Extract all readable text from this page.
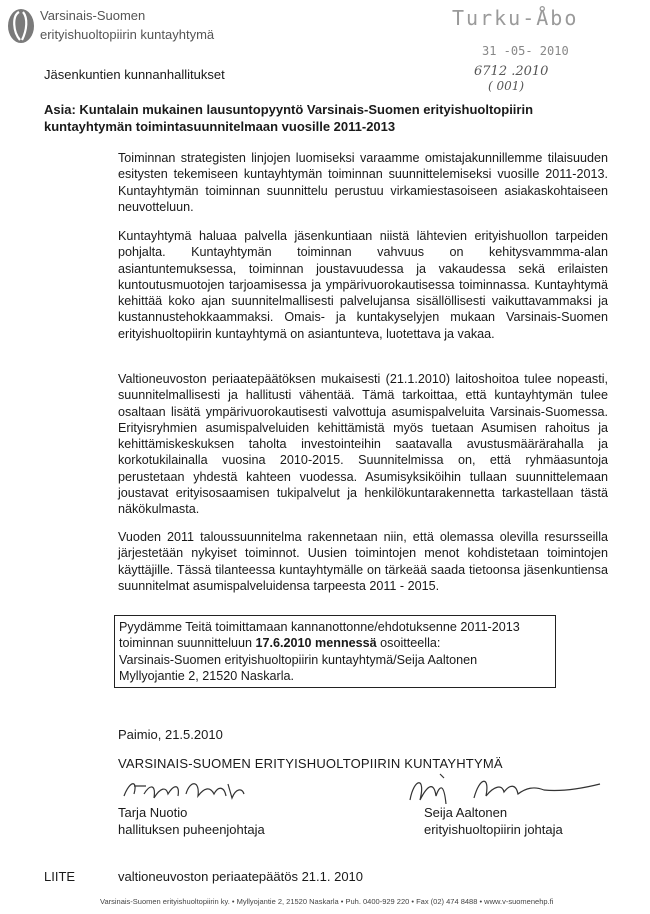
Varsinais-Suomen
erityishuoltopiirin kuntayhtymä
Turku-Åbo
31 -05- 2010
6712 .2010
( 001)
Jäsenkuntien kunnanhallitukset
Asia: Kuntalain mukainen lausuntopyyntö Varsinais-Suomen erityishuoltopiirin kuntayhtymän toimintasuunnitelmaan vuosille 2011-2013
Toiminnan strategisten linjojen luomiseksi varaamme omistajakunnillemme tilaisuuden esitysten tekemiseen kuntayhtymän toiminnan suunnittelemiseksi vuosille 2011-2013. Kuntayhtymän toiminnan suunnittelu perustuu virkamiestasoiseen asiakaskohtaiseen neuvotteluun.
Kuntayhtymä haluaa palvella jäsenkuntiaan niistä lähtevien erityishuollon tarpeiden pohjalta. Kuntayhtymän toiminnan vahvuus on kehitysvammma-alan asiantuntemuksessa, toiminnan joustavuudessa ja vakaudessa sekä erilaisten kuntoutusmuotojen tarjoamisessa ja ympärivuorokautisessa toiminnassa. Kuntayhtymä kehittää koko ajan suunnitelmallisesti palvelujansa sisällöllisesti vaikuttavammaksi ja kustannustehokkaammaksi. Omais- ja kuntakyselyjen mukaan Varsinais-Suomen erityishuoltopiirin kuntayhtymä on asiantunteva, luotettava ja vakaa.
Valtioneuvoston periaatepäätöksen mukaisesti (21.1.2010) laitoshoitoa tulee nopeasti, suunnitelmallisesti ja hallitusti vähentää. Tämä tarkoittaa, että kuntayhtymän tulee osaltaan lisätä ympärivuorokautisesti valvottuja asumispalveluita Varsinais-Suomessa. Erityisryhmien asumispalveluiden kehittämistä myös tuetaan Asumisen rahoitus ja kehittämiskeskuksen taholta investointeihin saatavalla avustusmäärärahalla ja korkotukilainalla vuosina 2010-2015. Suunnitelmissa on, että ryhmäasuntoja perustetaan yhdestä kahteen vuodessa. Asumisyksiköihin tullaan suunnittelemaan joustavat erityisosaamisen tukipalvelut ja henkilökuntarakennetta tarkastellaan tästä näkökulmasta.
Vuoden 2011 taloussuunnitelma rakennetaan niin, että olemassa olevilla resursseilla järjestetään nykyiset toiminnot. Uusien toimintojen menot kohdistetaan toimintojen käyttäjille. Tässä tilanteessa kuntayhtymälle on tärkeää saada tietoonsa jäsenkuntiensa suunnitelmat asumispalveluidensa tarpeesta 2011 - 2015.
Pyydämme Teitä toimittamaan kannanottonne/ehdotuksenne 2011-2013 toiminnan suunnitteluun 17.6.2010 mennessä osoitteella:
Varsinais-Suomen erityishuoltopiirin kuntayhtymä/Seija Aaltonen
Myllyojantie 2, 21520 Naskarla.
Paimio, 21.5.2010
VARSINAIS-SUOMEN ERITYISHUOLTOPIIRIN KUNTAYHTYMÄ
Tarja Nuotio
hallituksen puheenjohtaja
Seija Aaltonen
erityishuoltopiirin johtaja
LIITE	valtioneuvoston periaatepäätös 21.1. 2010
Varsinais-Suomen erityishuoltopiirin ky. • Myllyojantie 2, 21520 Naskarla • Puh. 0400-929 220 • Fax (02) 474 8488 • www.v-suomenehp.fi
